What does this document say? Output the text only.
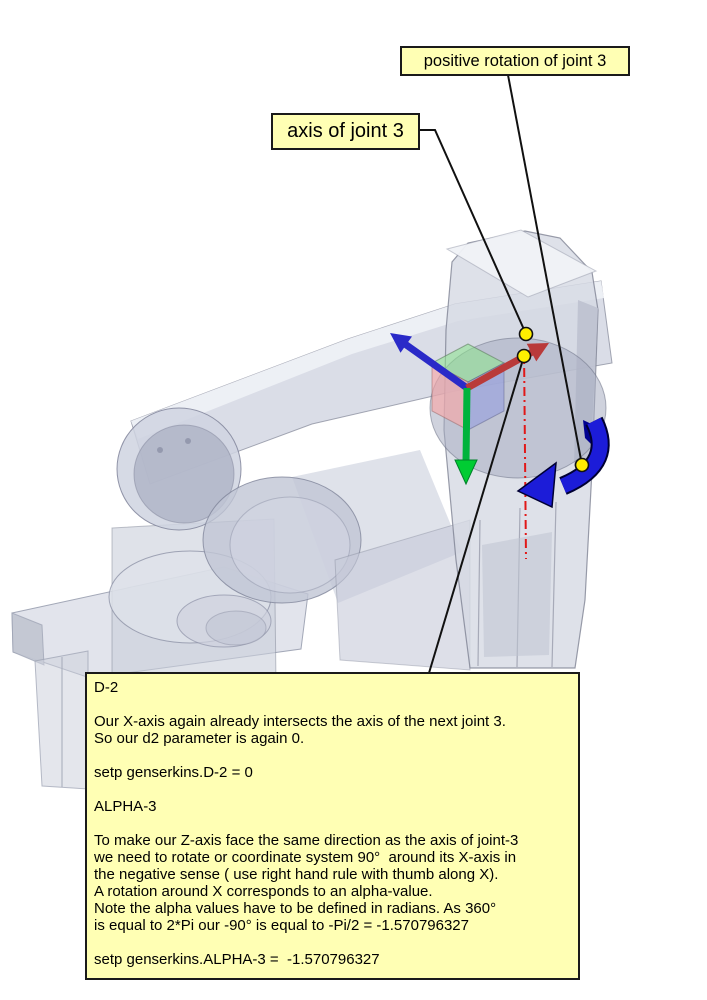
axis of joint 3
positive rotation of joint 3
D-2
Our X-axis again already intersects the axis of the next joint 3.
So our d2 parameter is again 0.
setp genserkins.D-2 = 0
ALPHA-3
To make our Z-axis face the same direction as the axis of joint-3
we need to rotate or coordinate system 90°  around its X-axis in
the negative sense ( use right hand rule with thumb along X).
A rotation around X corresponds to an alpha-value.
Note the alpha values have to be defined in radians. As 360°
is equal to 2*Pi our -90° is equal to -Pi/2 = -1.570796327
setp genserkins.ALPHA-3 =  -1.570796327
